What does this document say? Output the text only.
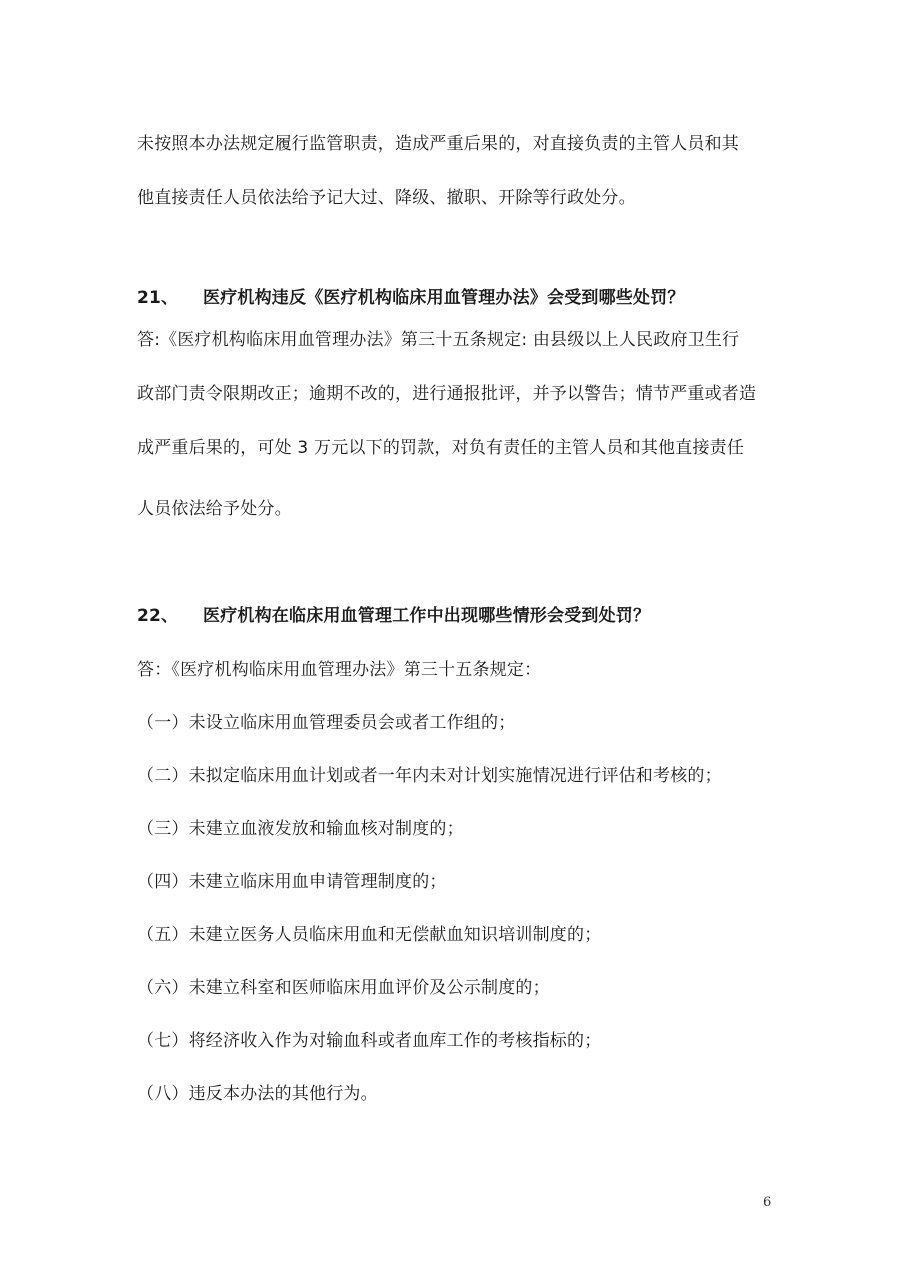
未按照本办法规定履行监管职责，造成严重后果的，对直接负责的主管人员和其
他直接责任人员依法给予记大过、降级、撤职、开除等行政处分。
21、 医疗机构违反《医疗机构临床用血管理办法》会受到哪些处罚？
答:《医疗机构临床用血管理办法》第三十五条规定: 由县级以上人民政府卫生行
政部门责令限期改正；逾期不改的，进行通报批评，并予以警告；情节严重或者造
成严重后果的，可处 3 万元以下的罚款，对负有责任的主管人员和其他直接责任
人员依法给予处分。
22、 医疗机构在临床用血管理工作中出现哪些情形会受到处罚？
答：《医疗机构临床用血管理办法》第三十五条规定：
（一）未设立临床用血管理委员会或者工作组的；
（二）未拟定临床用血计划或者一年内未对计划实施情况进行评估和考核的；
（三）未建立血液发放和输血核对制度的；
（四）未建立临床用血申请管理制度的；
（五）未建立医务人员临床用血和无偿献血知识培训制度的；
（六）未建立科室和医师临床用血评价及公示制度的；
（七）将经济收入作为对输血科或者血库工作的考核指标的；
（八）违反本办法的其他行为。
6
